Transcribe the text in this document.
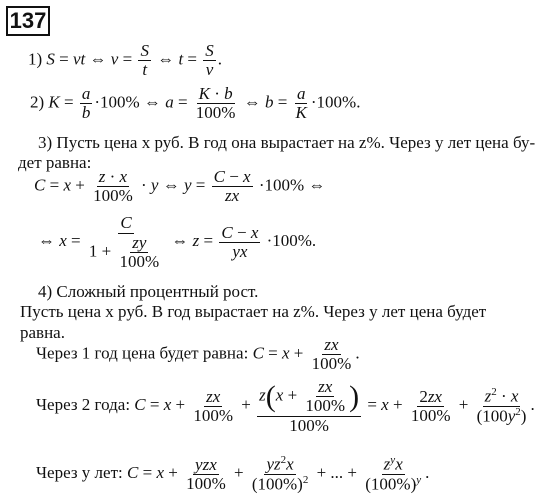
137
1) S = vt ⇔ $v = \frac{S}{t}$ ⇔ $t = \frac{S}{v}$ .
2) $K = \frac{a}{b} \cdot 100\%$ ⇔ $a = \frac{K \cdot b}{100\%}$ ⇔ $b = \frac{a}{K} \cdot 100\%$.
3) Пусть цена x руб. В год она вырастает на z%. Через y лет цена бу-
дет равна:
$C = x + \frac{z \cdot x}{100\%} \cdot y$ ⇔ $y = \frac{C - x}{zx} \cdot 100\%$ ⇔
⇔ $x = \frac{C}{1 + \frac{zy}{100\%}}$ ⇔ $z = \frac{C - x}{yx} \cdot 100\%$.
4) Сложный процентный рост.
Пусть цена x руб. В год вырастает на z%. Через y лет цена будет
равна.
Через 1 год цена будет равна: $C = x + \frac{zx}{100\%}$ .
Через 2 года: $C = x + \frac{zx}{100\%} + \frac{z(x + \frac{zx}{100\%} )}{100\%} = x + \frac{2zx}{100\%} + \frac{z^2 \cdot x}{(100y^2)}$ .
Через y лет: $C = x + \frac{\text{yzx}}{100\%} + \frac{yz^2x}{(100\%)^2}$ + ... + $\frac{z^yx}{(100\%)^y}$ .
